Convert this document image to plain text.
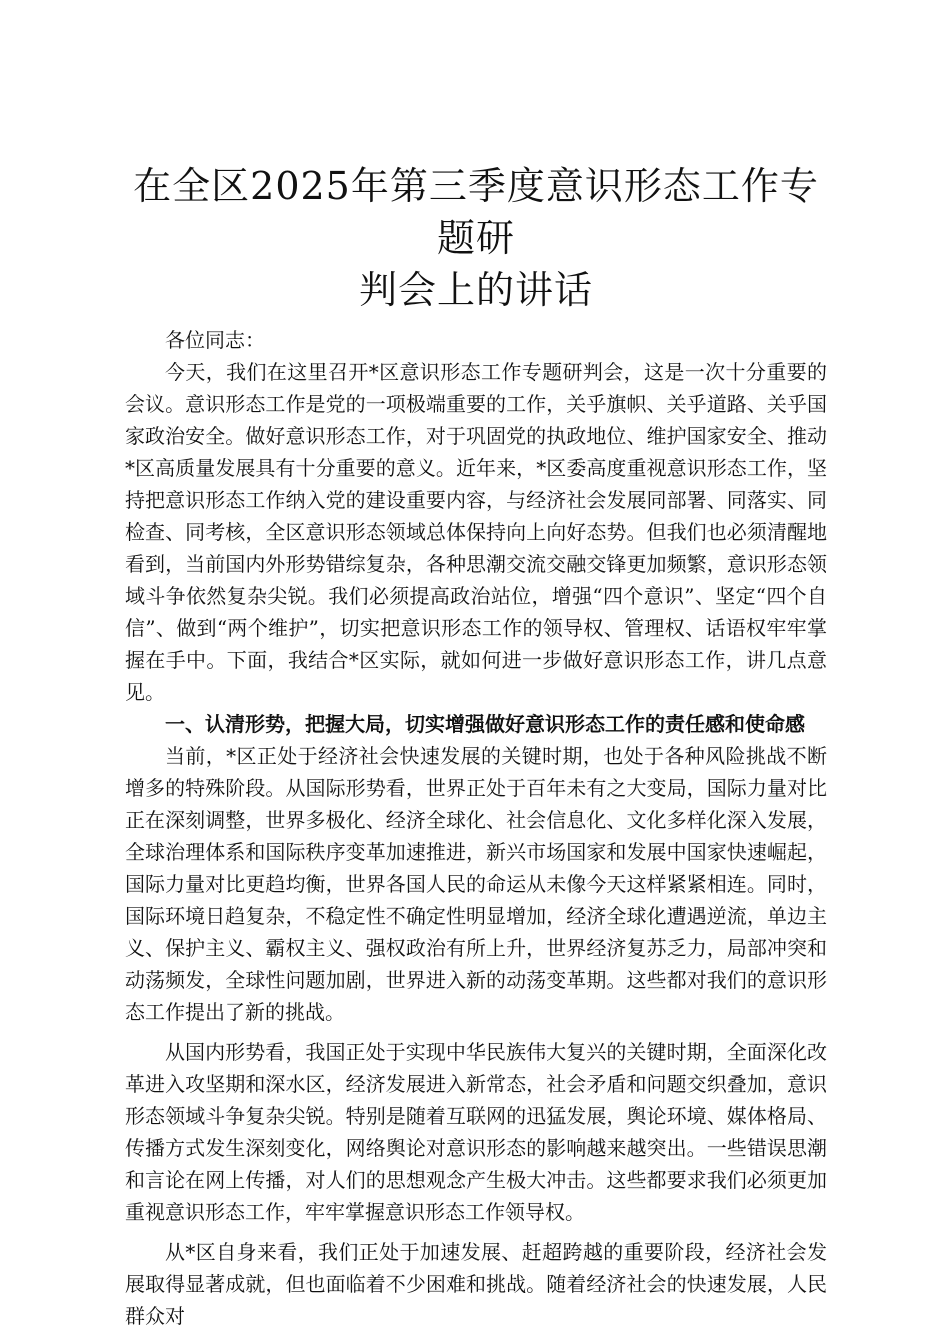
在全区2025年第三季度意识形态工作专题研
判会上的讲话

各位同志：

今天，我们在这里召开*区意识形态工作专题研判会，这是一次十分重要的会议。意识形态工作是党的一项极端重要的工作，关乎旗帜、关乎道路、关乎国家政治安全。做好意识形态工作，对于巩固党的执政地位、维护国家安全、推动*区高质量发展具有十分重要的意义。近年来，*区委高度重视意识形态工作，坚持把意识形态工作纳入党的建设重要内容，与经济社会发展同部署、同落实、同检查、同考核，全区意识形态领域总体保持向上向好态势。但我们也必须清醒地看到，当前国内外形势错综复杂，各种思潮交流交融交锋更加频繁，意识形态领域斗争依然复杂尖锐。我们必须提高政治站位，增强“四个意识”、坚定“四个自信”、做到“两个维护”，切实把意识形态工作的领导权、管理权、话语权牢牢掌握在手中。下面，我结合*区实际，就如何进一步做好意识形态工作，讲几点意见。

一、认清形势，把握大局，切实增强做好意识形态工作的责任感和使命感

当前，*区正处于经济社会快速发展的关键时期，也处于各种风险挑战不断增多的特殊阶段。从国际形势看，世界正处于百年未有之大变局，国际力量对比正在深刻调整，世界多极化、经济全球化、社会信息化、文化多样化深入发展，全球治理体系和国际秩序变革加速推进，新兴市场国家和发展中国家快速崛起，国际力量对比更趋均衡，世界各国人民的命运从未像今天这样紧紧相连。同时，国际环境日趋复杂，不稳定性不确定性明显增加，经济全球化遭遇逆流，单边主义、保护主义、霸权主义、强权政治有所上升，世界经济复苏乏力，局部冲突和动荡频发，全球性问题加剧，世界进入新的动荡变革期。这些都对我们的意识形态工作提出了新的挑战。

从国内形势看，我国正处于实现中华民族伟大复兴的关键时期，全面深化改革进入攻坚期和深水区，经济发展进入新常态，社会矛盾和问题交织叠加，意识形态领域斗争复杂尖锐。特别是随着互联网的迅猛发展，舆论环境、媒体格局、传播方式发生深刻变化，网络舆论对意识形态的影响越来越突出。一些错误思潮和言论在网上传播，对人们的思想观念产生极大冲击。这些都要求我们必须更加重视意识形态工作，牢牢掌握意识形态工作领导权。

从*区自身来看，我们正处于加速发展、赶超跨越的重要阶段，经济社会发展取得显著成就，但也面临着不少困难和挑战。随着经济社会的快速发展，人民群众对
